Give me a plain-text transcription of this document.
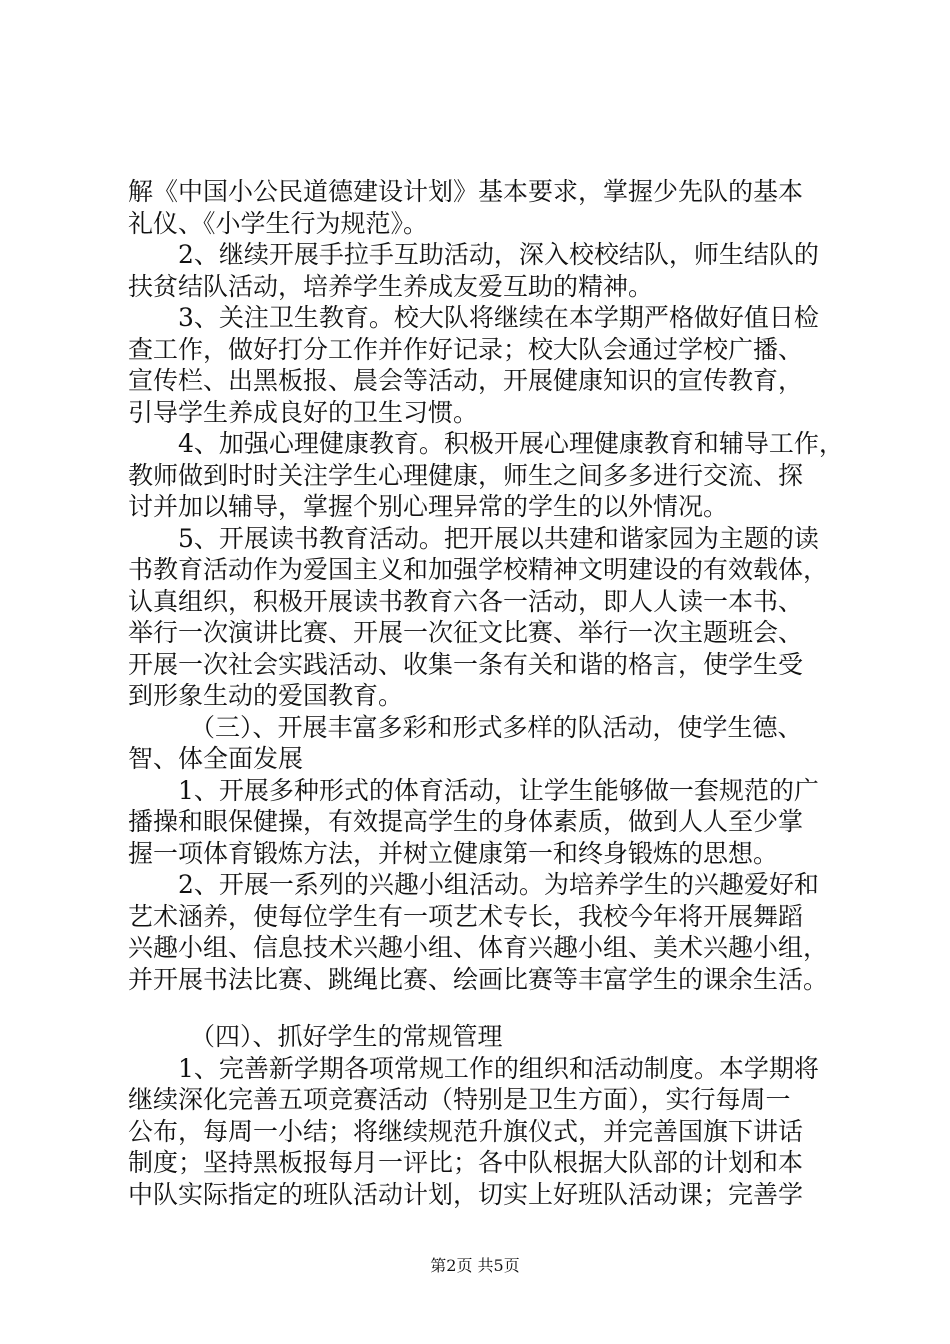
解《中国小公民道德建设计划》基本要求，掌握少先队的基本
礼仪、《小学生行为规范》。
2、继续开展手拉手互助活动，深入校校结队，师生结队的
扶贫结队活动，培养学生养成友爱互助的精神。
3、关注卫生教育。校大队将继续在本学期严格做好值日检
查工作，做好打分工作并作好记录；校大队会通过学校广播、
宣传栏、出黑板报、晨会等活动，开展健康知识的宣传教育，
引导学生养成良好的卫生习惯。
4、加强心理健康教育。积极开展心理健康教育和辅导工作，
教师做到时时关注学生心理健康，师生之间多多进行交流、探
讨并加以辅导，掌握个别心理异常的学生的以外情况。
5、开展读书教育活动。把开展以共建和谐家园为主题的读
书教育活动作为爱国主义和加强学校精神文明建设的有效载体，
认真组织，积极开展读书教育六各一活动，即人人读一本书、
举行一次演讲比赛、开展一次征文比赛、举行一次主题班会、
开展一次社会实践活动、收集一条有关和谐的格言，使学生受
到形象生动的爱国教育。
（三）、开展丰富多彩和形式多样的队活动，使学生德、
智、体全面发展
1、开展多种形式的体育活动，让学生能够做一套规范的广
播操和眼保健操，有效提高学生的身体素质，做到人人至少掌
握一项体育锻炼方法，并树立健康第一和终身锻炼的思想。
2、开展一系列的兴趣小组活动。为培养学生的兴趣爱好和
艺术涵养，使每位学生有一项艺术专长，我校今年将开展舞蹈
兴趣小组、信息技术兴趣小组、体育兴趣小组、美术兴趣小组，
并开展书法比赛、跳绳比赛、绘画比赛等丰富学生的课余生活。
（四）、抓好学生的常规管理
1、完善新学期各项常规工作的组织和活动制度。本学期将
继续深化完善五项竞赛活动（特别是卫生方面），实行每周一
公布，每周一小结；将继续规范升旗仪式，并完善国旗下讲话
制度；坚持黑板报每月一评比；各中队根据大队部的计划和本
中队实际指定的班队活动计划，切实上好班队活动课；完善学
第2页 共5页
